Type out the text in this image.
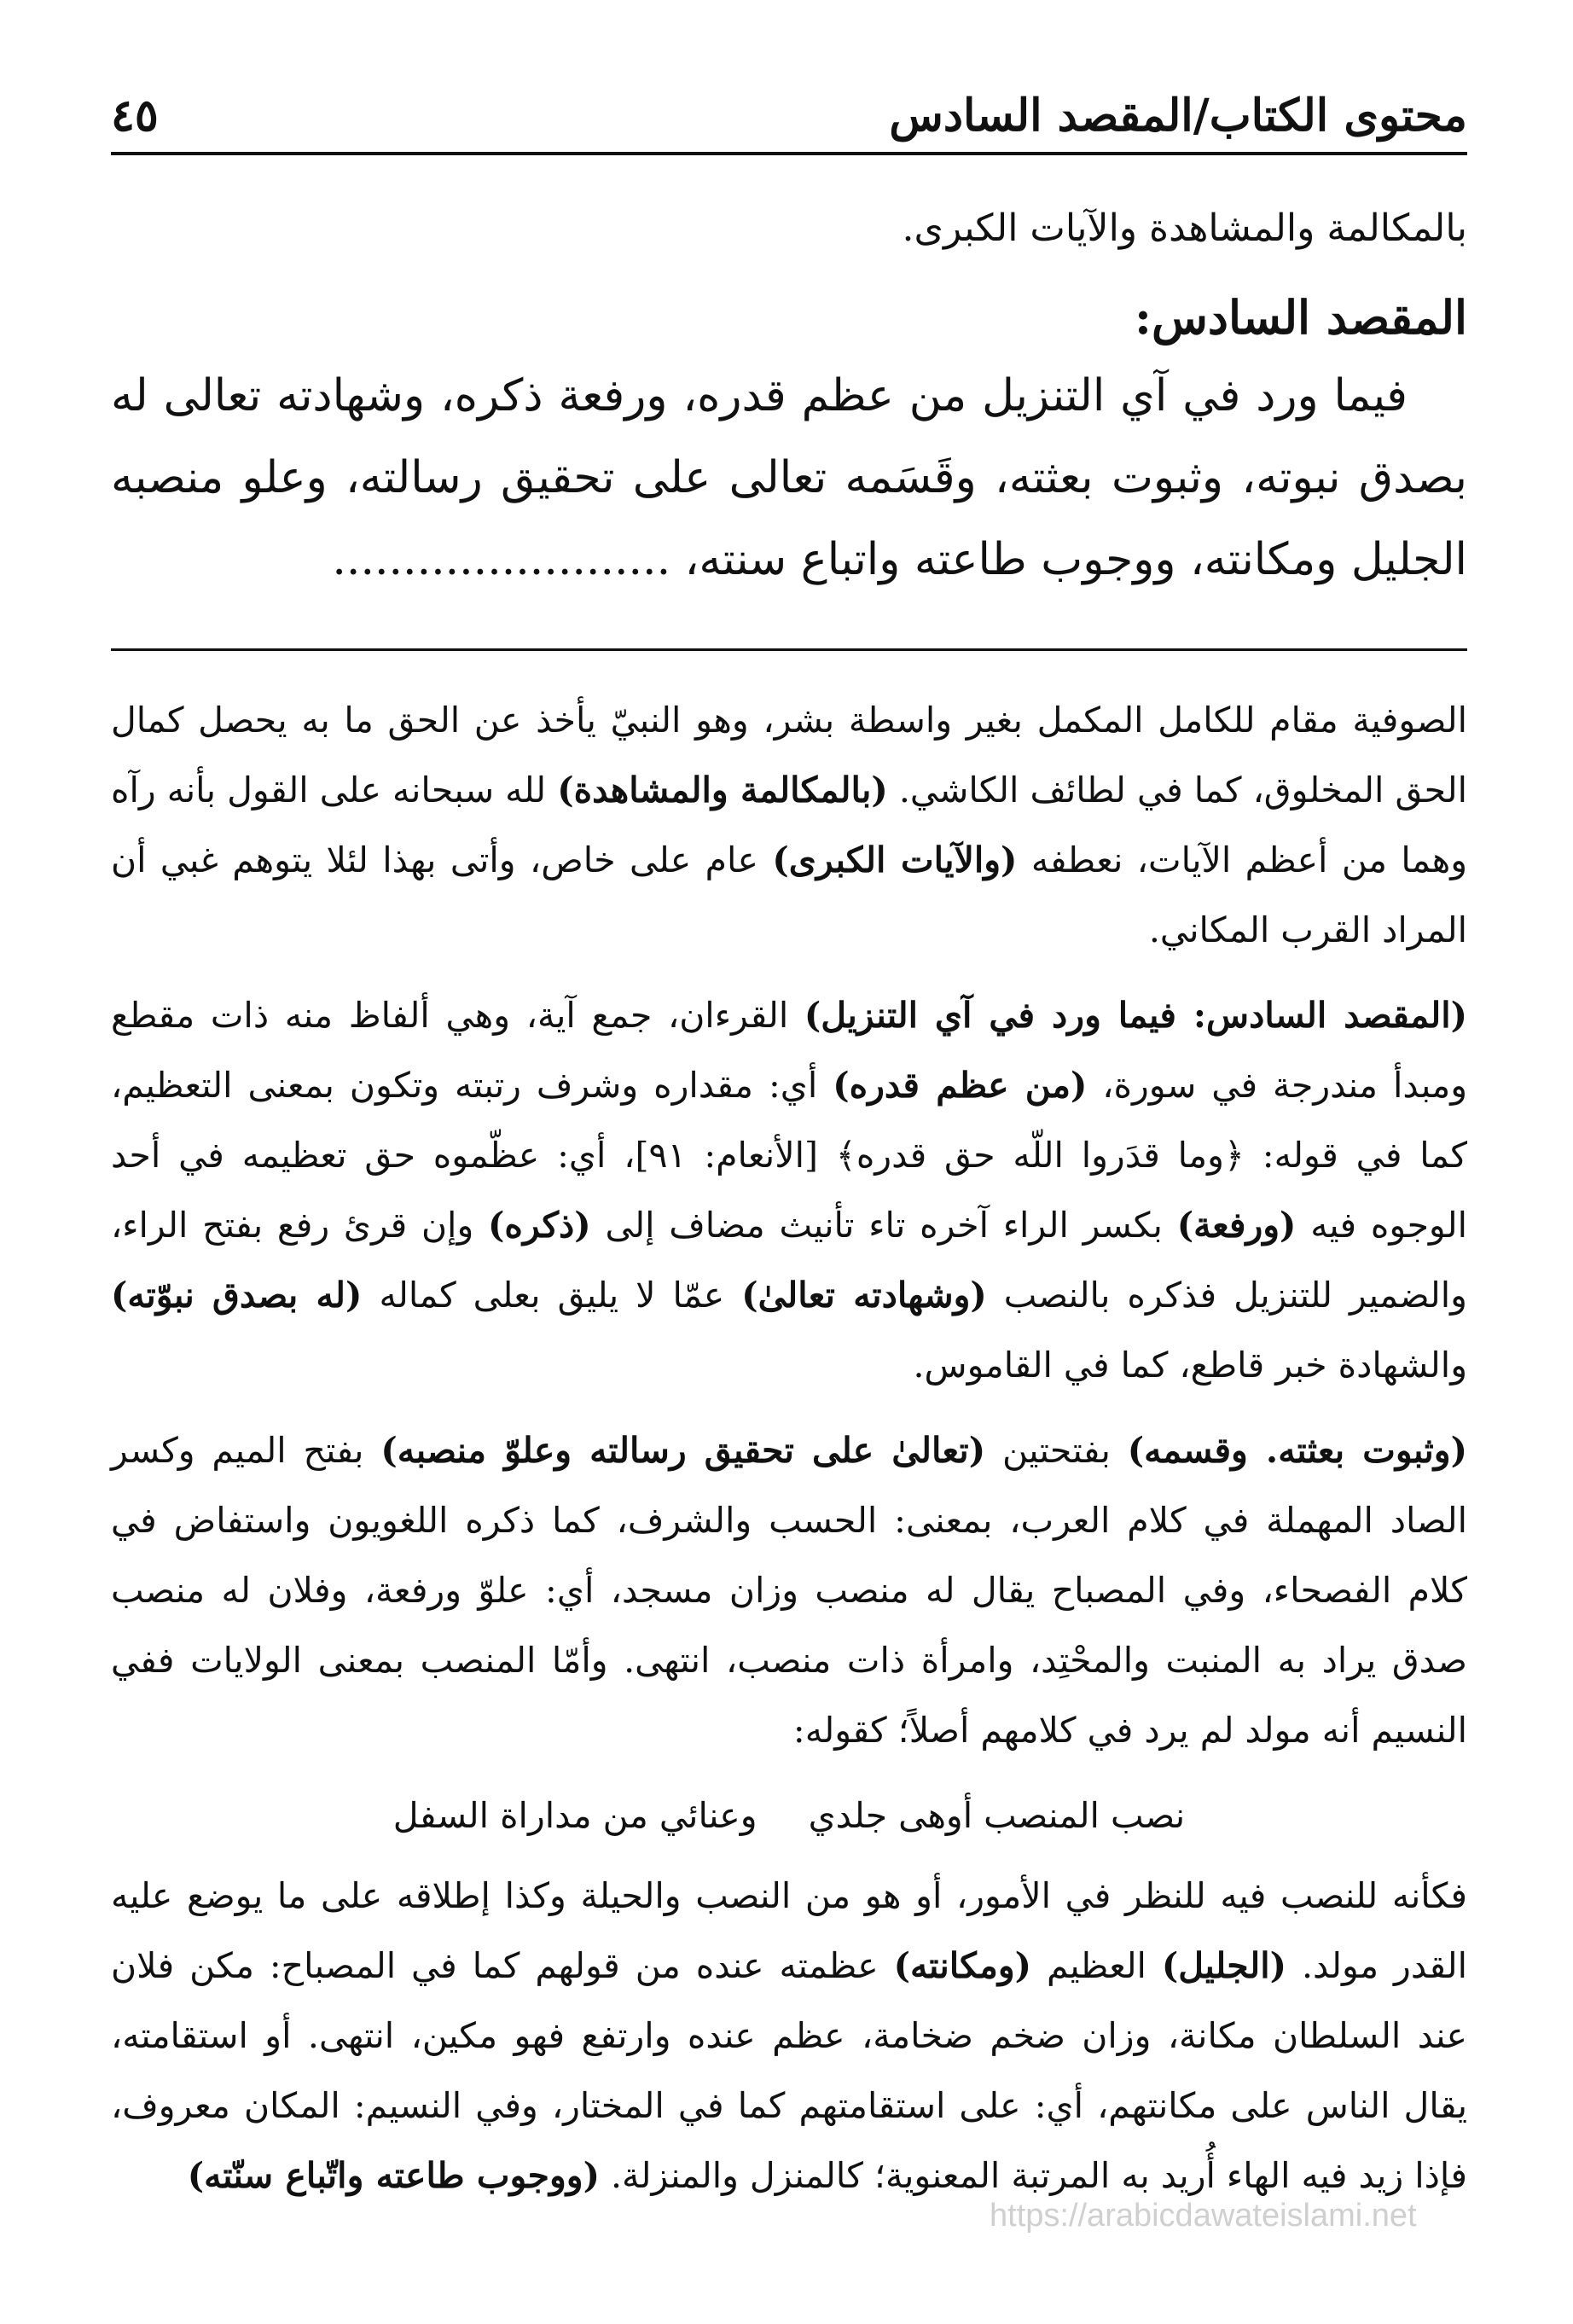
محتوى الكتاب/المقصد السادس
٤٥

بالمكالمة والمشاهدة والآيات الكبرى.

المقصد السادس:

فيما ورد في آي التنزيل من عظم قدره، ورفعة ذكره، وشهادته تعالى له بصدق نبوته، وثبوت بعثته، وقَسَمه تعالى على تحقيق رسالته، وعلو منصبه الجليل ومكانته، ووجوب طاعته واتباع سنته، ........................

الصوفية مقام للكامل المكمل بغير واسطة بشر، وهو النبيّ يأخذ عن الحق ما به يحصل كمال الحق المخلوق، كما في لطائف الكاشي. (بالمكالمة والمشاهدة) لله سبحانه على القول بأنه رآه وهما من أعظم الآيات، نعطفه (والآيات الكبرى) عام على خاص، وأتى بهذا لئلا يتوهم غبي أن المراد القرب المكاني.

(المقصد السادس: فيما ورد في آي التنزيل) القرءان، جمع آية، وهي ألفاظ منه ذات مقطع ومبدأ مندرجة في سورة، (من عظم قدره) أي: مقداره وشرف رتبته وتكون بمعنى التعظيم، كما في قوله: ﴿وما قدَروا اللّه حق قدره﴾ [الأنعام: ٩١]، أي: عظّموه حق تعظيمه في أحد الوجوه فيه (ورفعة) بكسر الراء آخره تاء تأنيث مضاف إلى (ذكره) وإن قرئ رفع بفتح الراء، والضمير للتنزيل فذكره بالنصب (وشهادته تعالىٰ) عمّا لا يليق بعلى كماله (له بصدق نبوّته) والشهادة خبر قاطع، كما في القاموس.

(وثبوت بعثته. وقسمه) بفتحتين (تعالىٰ على تحقيق رسالته وعلوّ منصبه) بفتح الميم وكسر الصاد المهملة في كلام العرب، بمعنى: الحسب والشرف، كما ذكره اللغويون واستفاض في كلام الفصحاء، وفي المصباح يقال له منصب وزان مسجد، أي: علوّ ورفعة، وفلان له منصب صدق يراد به المنبت والمحْتِد، وامرأة ذات منصب، انتهى. وأمّا المنصب بمعنى الولايات ففي النسيم أنه مولد لم يرد في كلامهم أصلاً؛ كقوله:

نصب المنصب أوهى جلدي
وعنائي من مداراة السفل

فكأنه للنصب فيه للنظر في الأمور، أو هو من النصب والحيلة وكذا إطلاقه على ما يوضع عليه القدر مولد. (الجليل) العظيم (ومكانته) عظمته عنده من قولهم كما في المصباح: مكن فلان عند السلطان مكانة، وزان ضخم ضخامة، عظم عنده وارتفع فهو مكين، انتهى. أو استقامته، يقال الناس على مكانتهم، أي: على استقامتهم كما في المختار، وفي النسيم: المكان معروف، فإذا زيد فيه الهاء أُريد به المرتبة المعنوية؛ كالمنزل والمنزلة. (ووجوب طاعته واتّباع سنّته)

https://arabicdawateislami.net
